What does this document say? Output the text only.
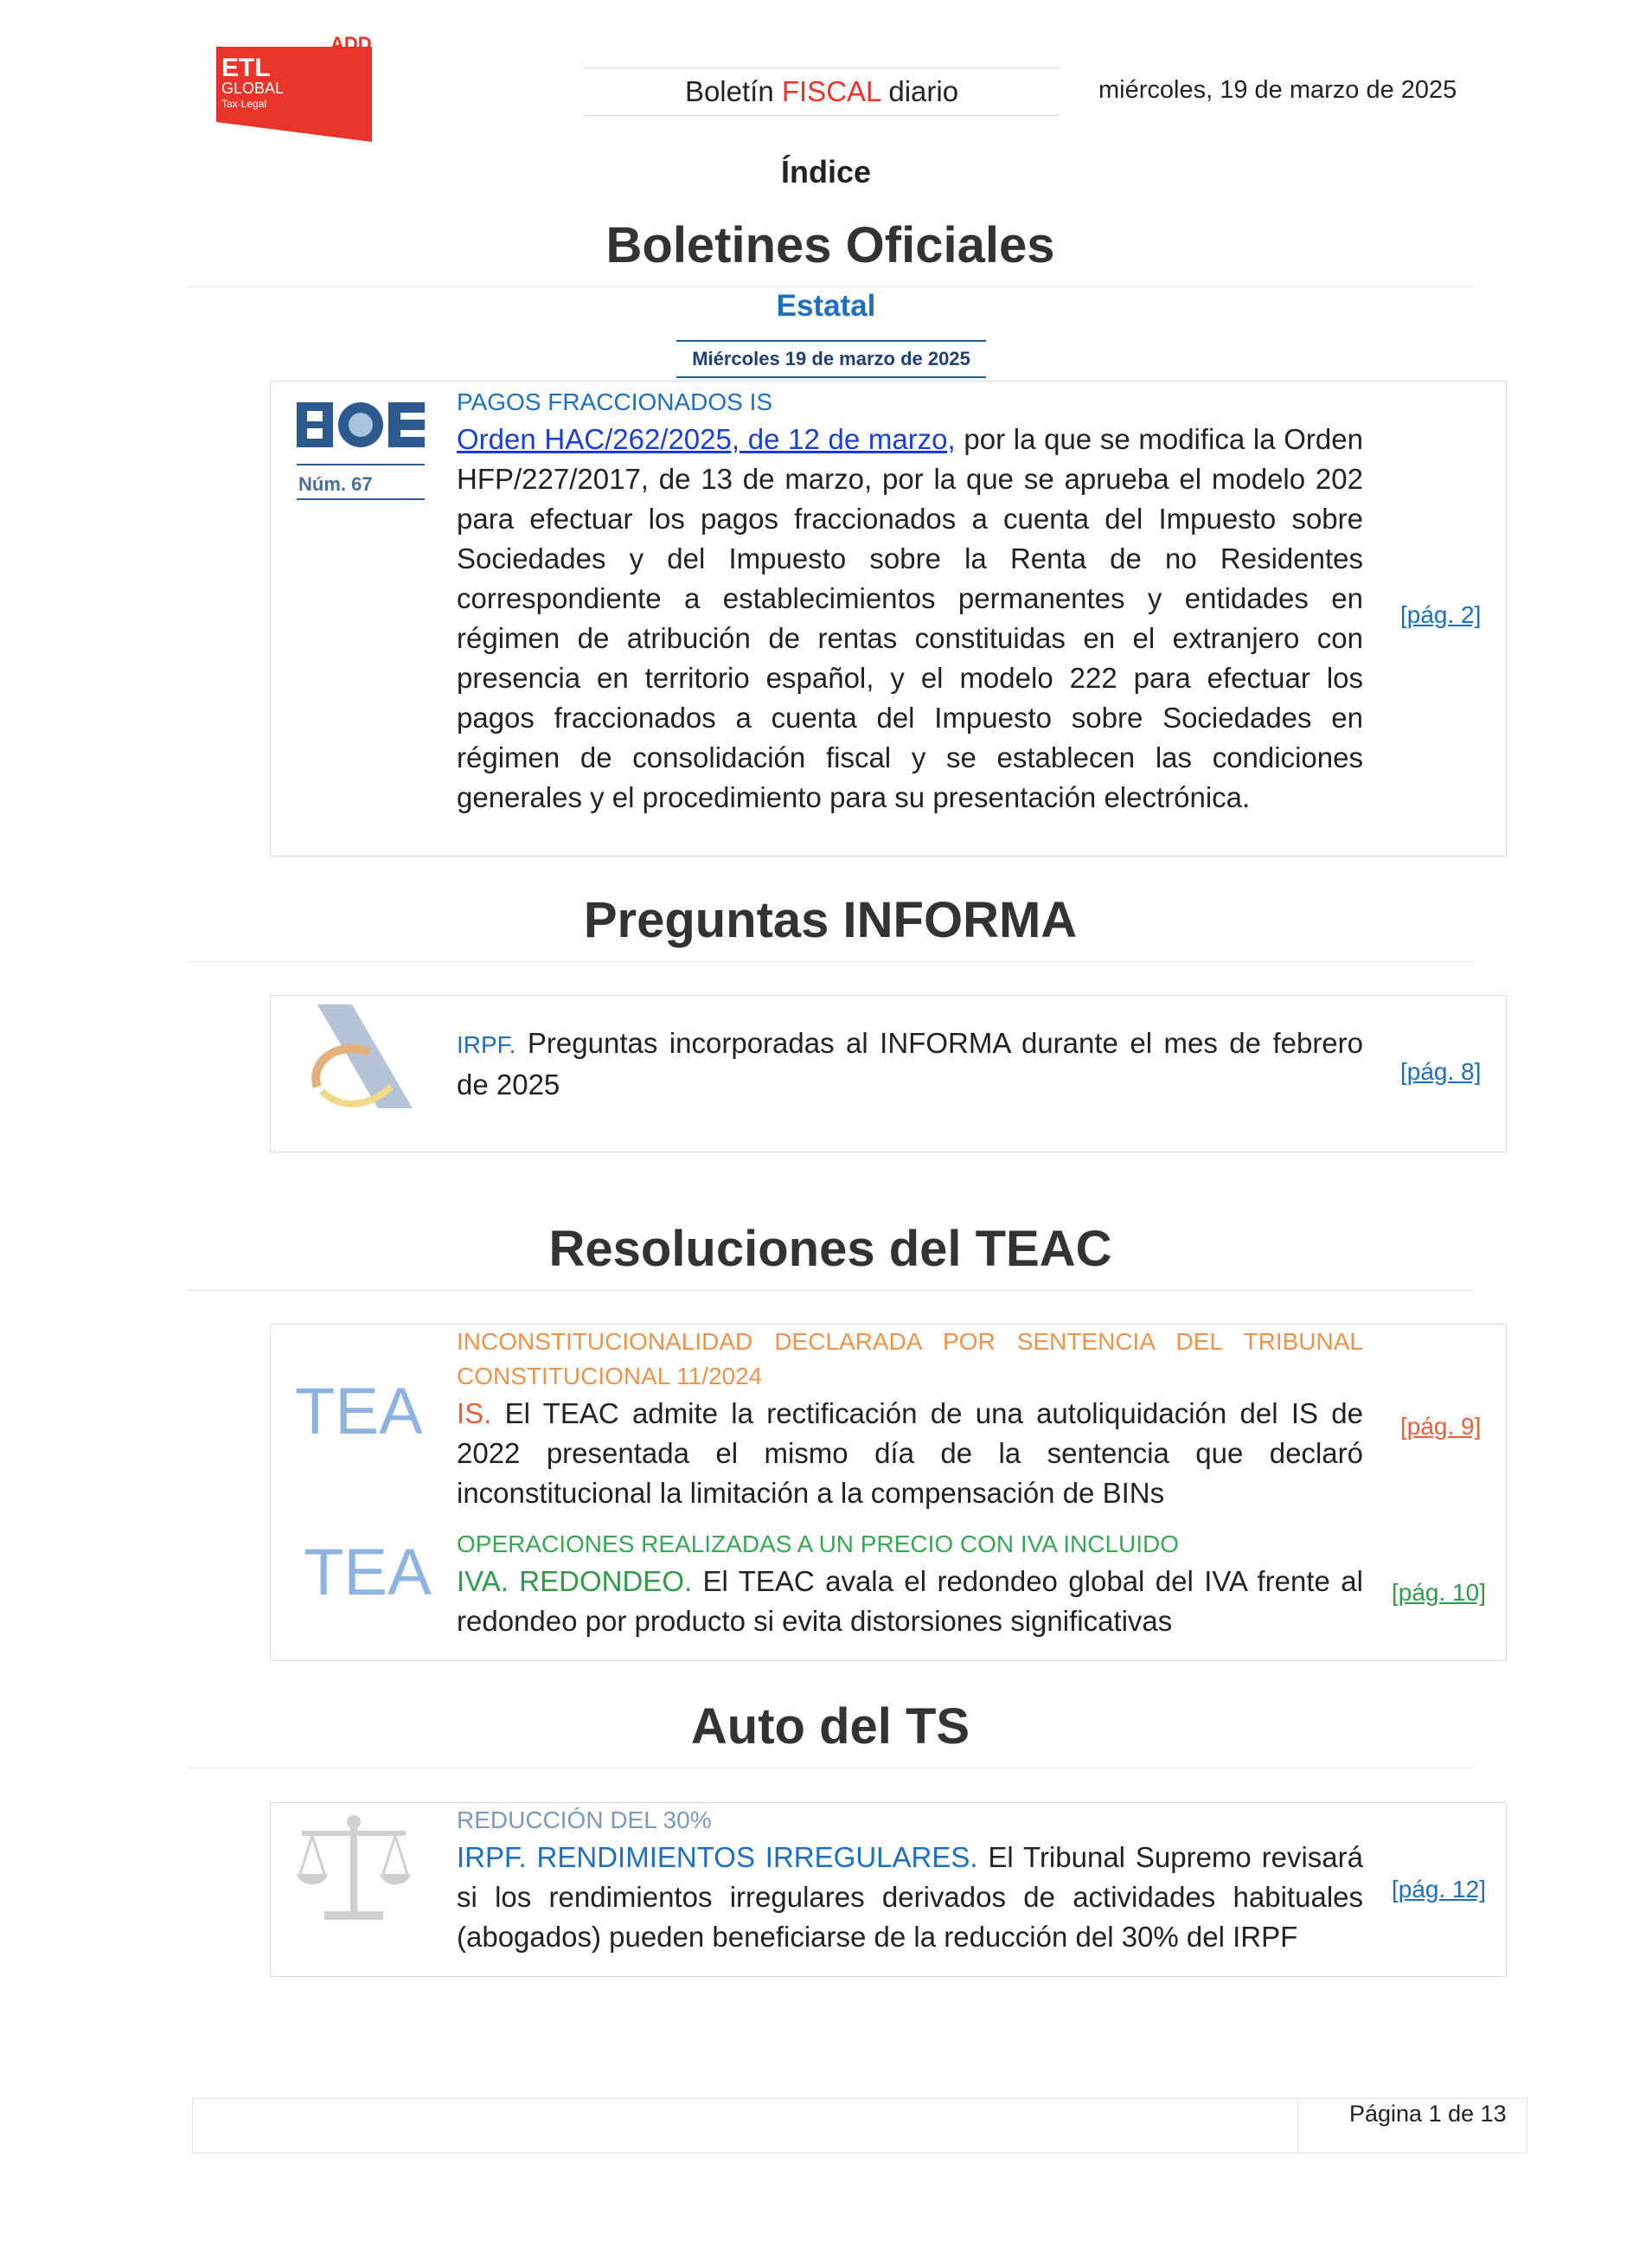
ADD
ETL
GLOBAL
Tax·Legal	Boletín FISCAL diario	miércoles, 19 de marzo de 2025
Índice
Boletines Oficiales
Estatal
Miércoles 19 de marzo de 2025
Núm. 67
PAGOS FRACCIONADOS IS
Orden HAC/262/2025, de 12 de marzo, por la que se modifica la Orden HFP/227/2017, de 13 de marzo, por la que se aprueba el modelo 202 para efectuar los pagos fraccionados a cuenta del Impuesto sobre Sociedades y del Impuesto sobre la Renta de no Residentes correspondiente a establecimientos permanentes y entidades en régimen de atribución de rentas constituidas en el extranjero con presencia en territorio español, y el modelo 222 para efectuar los pagos fraccionados a cuenta del Impuesto sobre Sociedades en régimen de consolidación fiscal y se establecen las condiciones generales y el procedimiento para su presentación electrónica.
[pág. 2]
Preguntas INFORMA
IRPF. Preguntas incorporadas al INFORMA durante el mes de febrero de 2025	[pág. 8]
Resoluciones del TEAC
TEA
INCONSTITUCIONALIDAD DECLARADA POR SENTENCIA DEL TRIBUNAL CONSTITUCIONAL 11/2024
IS. El TEAC admite la rectificación de una autoliquidación del IS de 2022 presentada el mismo día de la sentencia que declaró inconstitucional la limitación a la compensación de BINs
[pág. 9]
TEA OPERACIONES REALIZADAS A UN PRECIO CON IVA INCLUIDO
IVA. REDONDEO. El TEAC avala el redondeo global del IVA frente al redondeo por producto si evita distorsiones significativas
[pág. 10]
Auto del TS
REDUCCIÓN DEL 30%
IRPF. RENDIMIENTOS IRREGULARES. El Tribunal Supremo revisará si los rendimientos irregulares derivados de actividades habituales (abogados) pueden beneficiarse de la reducción del 30% del IRPF
[pág. 12]
Página 1 de 13
